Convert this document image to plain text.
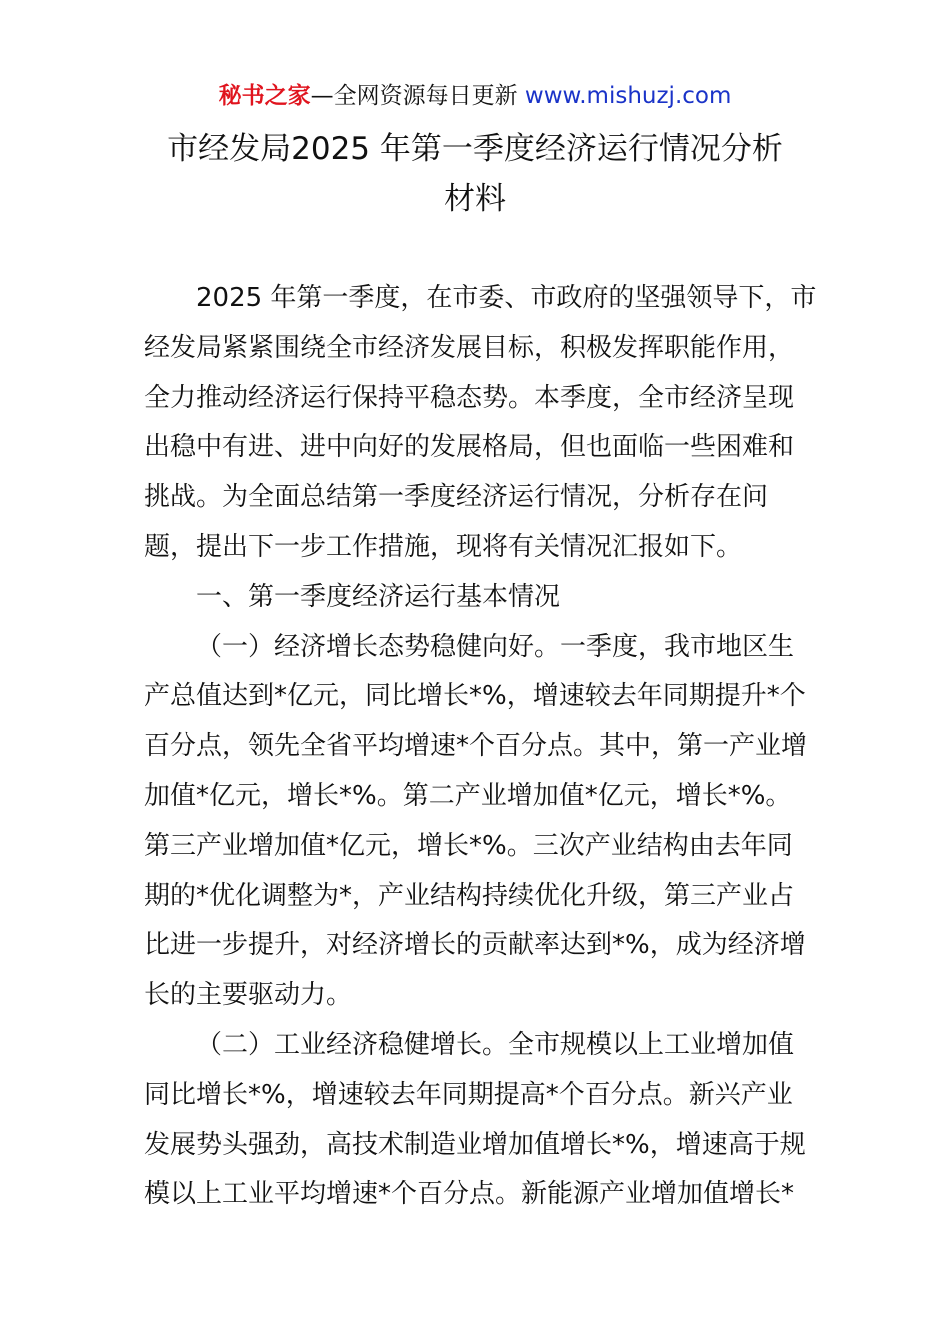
秘书之家—全网资源每日更新 www.mishuzj.com
市经发局2025 年第一季度经济运行情况分析
材料
2025 年第一季度，在市委、市政府的坚强领导下，市
经发局紧紧围绕全市经济发展目标，积极发挥职能作用，
全力推动经济运行保持平稳态势。本季度，全市经济呈现
出稳中有进、进中向好的发展格局，但也面临一些困难和
挑战。为全面总结第一季度经济运行情况，分析存在问
题，提出下一步工作措施，现将有关情况汇报如下。
一、第一季度经济运行基本情况
（一）经济增长态势稳健向好。一季度，我市地区生
产总值达到*亿元，同比增长*%，增速较去年同期提升*个
百分点，领先全省平均增速*个百分点。其中，第一产业增
加值*亿元，增长*%。第二产业增加值*亿元，增长*%。
第三产业增加值*亿元，增长*%。三次产业结构由去年同
期的*优化调整为*，产业结构持续优化升级，第三产业占
比进一步提升，对经济增长的贡献率达到*%，成为经济增
长的主要驱动力。
（二）工业经济稳健增长。全市规模以上工业增加值
同比增长*%，增速较去年同期提高*个百分点。新兴产业
发展势头强劲，高技术制造业增加值增长*%，增速高于规
模以上工业平均增速*个百分点。新能源产业增加值增长*
